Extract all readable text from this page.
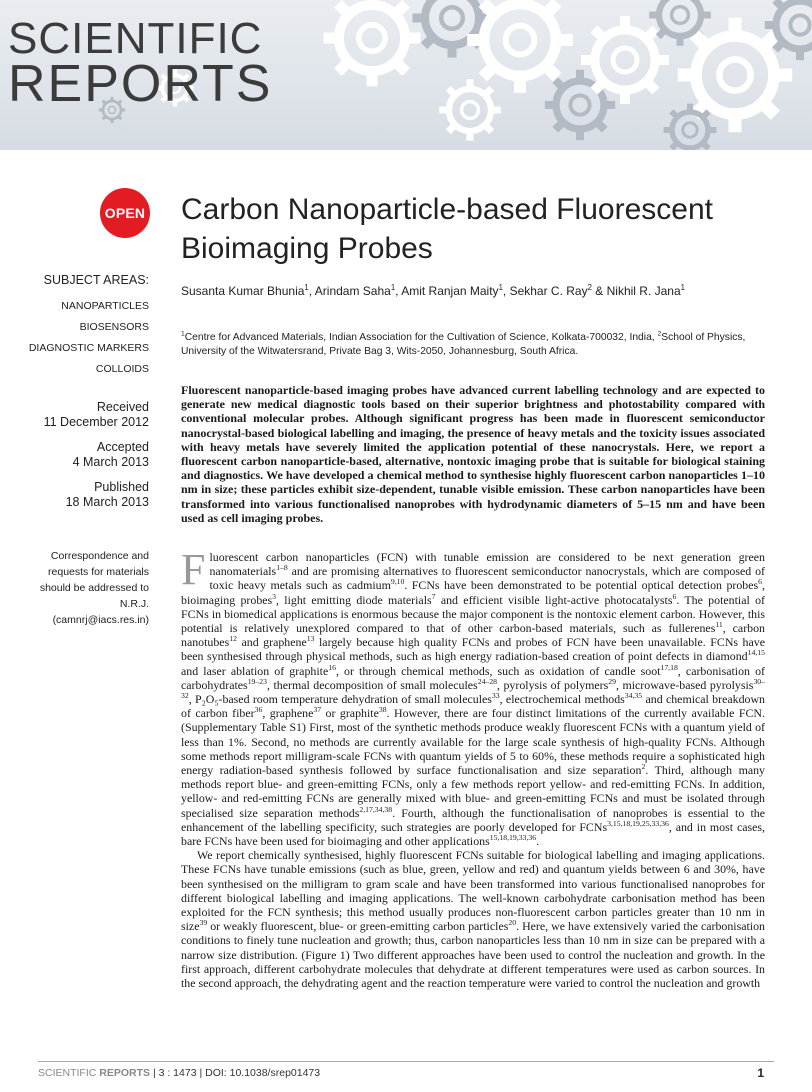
SCIENTIFIC
REPORTS
OPEN Carbon Nanoparticle-based Fluorescent Bioimaging Probes
Susanta Kumar Bhunia$^1$, Arindam Saha$^1$, Amit Ranjan Maity$^1$, Sekhar C. Ray$^2$ & Nikhil R. Jana$^1$
$^1$Centre for Advanced Materials, Indian Association for the Cultivation of Science, Kolkata-700032, India, $^2$School of Physics, University of the Witwatersrand, Private Bag 3, Wits-2050, Johannesburg, South Africa.
SUBJECT AREAS:
NANOPARTICLES
BIOSENSORS
DIAGNOSTIC MARKERS
COLLOIDS
Received
11 December 2012
Accepted
4 March 2013
Published
18 March 2013
Correspondence and requests for materials should be addressed to N.R.J. (camnrj@iacs.res.in)
Fluorescent nanoparticle-based imaging probes have advanced current labelling technology and are expected to generate new medical diagnostic tools based on their superior brightness and photostability compared with conventional molecular probes. Although significant progress has been made in fluorescent semiconductor nanocrystal-based biological labelling and imaging, the presence of heavy metals and the toxicity issues associated with heavy metals have severely limited the application potential of these nanocrystals. Here, we report a fluorescent carbon nanoparticle-based, alternative, nontoxic imaging probe that is suitable for biological staining and diagnostics. We have developed a chemical method to synthesise highly fluorescent carbon nanoparticles 1–10 nm in size; these particles exhibit size-dependent, tunable visible emission. These carbon nanoparticles have been transformed into various functionalised nanoprobes with hydrodynamic diameters of 5–15 nm and have been used as cell imaging probes.

Fluorescent carbon nanoparticles (FCN) with tunable emission are considered to be next generation green nanomaterials$^{1-8}$ and are promising alternatives to fluorescent semiconductor nanocrystals, which are composed of toxic heavy metals such as cadmium$^{9,10}$. FCNs have been demonstrated to be potential optical detection probes$^6$, bioimaging probes$^3$, light emitting diode materials$^7$ and efficient visible light-active photocatalysts$^6$. The potential of FCNs in biomedical applications is enormous because the major component is the nontoxic element carbon. However, this potential is relatively unexplored compared to that of other carbon-based materials, such as fullerenes$^{11}$, carbon nanotubes$^{12}$ and graphene$^{13}$ largely because high quality FCNs and probes of FCN have been unavailable. FCNs have been synthesised through physical methods, such as high energy radiation-based creation of point defects in diamond$^{14,15}$ and laser ablation of graphite$^{16}$, or through chemical methods, such as oxidation of candle soot$^{17,18}$, carbonisation of carbohydrates$^{19-23}$, thermal decomposition of small molecules$^{24-28}$, pyrolysis of polymers$^{29}$, microwave-based pyrolysis$^{30-32}$, P₂O₅-based room temperature dehydration of small molecules$^{33}$, electrochemical methods$^{34,35}$ and chemical breakdown of carbon fiber$^{36}$, graphene$^{37}$ or graphite$^{38}$. However, there are four distinct limitations of the currently available FCN. (Supplementary Table S1) First, most of the synthetic methods produce weakly fluorescent FCNs with a quantum yield of less than 1%. Second, no methods are currently available for the large scale synthesis of high-quality FCNs. Although some methods report milligram-scale FCNs with quantum yields of 5 to 60%, these methods require a sophisticated high energy radiation-based synthesis followed by surface functionalisation and size separation$^2$. Third, although many methods report blue- and green-emitting FCNs, only a few methods report yellow- and red-emitting FCNs. In addition, yellow- and red-emitting FCNs are generally mixed with blue- and green-emitting FCNs and must be isolated through specialised size separation methods$^{2,17,34,38}$. Fourth, although the functionalisation of nanoprobes is essential to the enhancement of the labelling specificity, such strategies are poorly developed for FCNs$^{3,15,18,19,25,33,36}$, and in most cases, bare FCNs have been used for bioimaging and other applications$^{15,18,19,33,36}$.

We report chemically synthesised, highly fluorescent FCNs suitable for biological labelling and imaging applications. These FCNs have tunable emissions (such as blue, green, yellow and red) and quantum yields between 6 and 30%, have been synthesised on the milligram to gram scale and have been transformed into various functionalised nanoprobes for different biological labelling and imaging applications. The well-known carbohydrate carbonisation method has been exploited for the FCN synthesis; this method usually produces non-fluorescent carbon particles greater than 10 nm in size$^{39}$ or weakly fluorescent, blue- or green-emitting carbon particles$^{20}$. Here, we have extensively varied the carbonisation conditions to finely tune nucleation and growth; thus, carbon nanoparticles less than 10 nm in size can be prepared with a narrow size distribution. (Figure 1) Two different approaches have been used to control the nucleation and growth. In the first approach, different carbohydrate molecules that dehydrate at different temperatures were used as carbon sources. In the second approach, the dehydrating agent and the reaction temperature were varied to control the nucleation and growth

SCIENTIFIC REPORTS | 3 : 1473 | DOI: 10.1038/srep01473	1
